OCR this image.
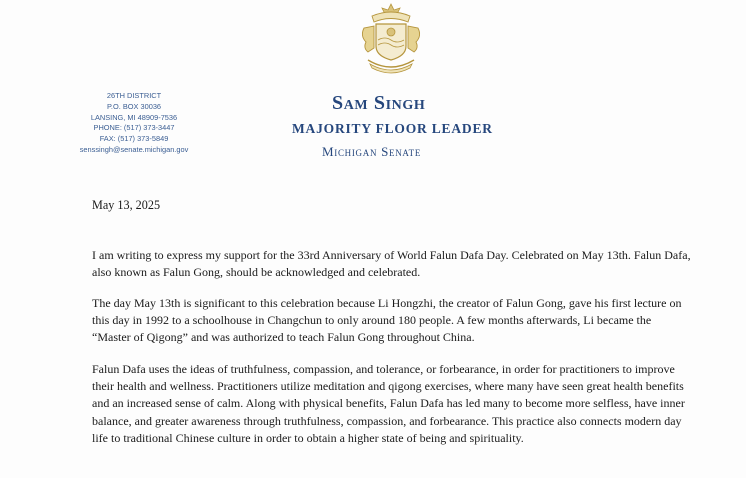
26TH DISTRICT
P.O. BOX 30036
LANSING, MI 48909-7536
PHONE: (517) 373-3447
FAX: (517) 373-5849
senssingh@senate.michigan.gov
Sam Singh
MAJORITY FLOOR LEADER
Michigan Senate
May 13, 2025
I am writing to express my support for the 33rd Anniversary of World Falun Dafa Day. Celebrated on May 13th. Falun Dafa, also known as Falun Gong, should be acknowledged and celebrated.
The day May 13th is significant to this celebration because Li Hongzhi, the creator of Falun Gong, gave his first lecture on this day in 1992 to a schoolhouse in Changchun to only around 180 people. A few months afterwards, Li became the “Master of Qigong” and was authorized to teach Falun Gong throughout China.
Falun Dafa uses the ideas of truthfulness, compassion, and tolerance, or forbearance, in order for practitioners to improve their health and wellness. Practitioners utilize meditation and qigong exercises, where many have seen great health benefits and an increased sense of calm. Along with physical benefits, Falun Dafa has led many to become more selfless, have inner balance, and greater awareness through truthfulness, compassion, and forbearance. This practice also connects modern day life to traditional Chinese culture in order to obtain a higher state of being and spirituality.
